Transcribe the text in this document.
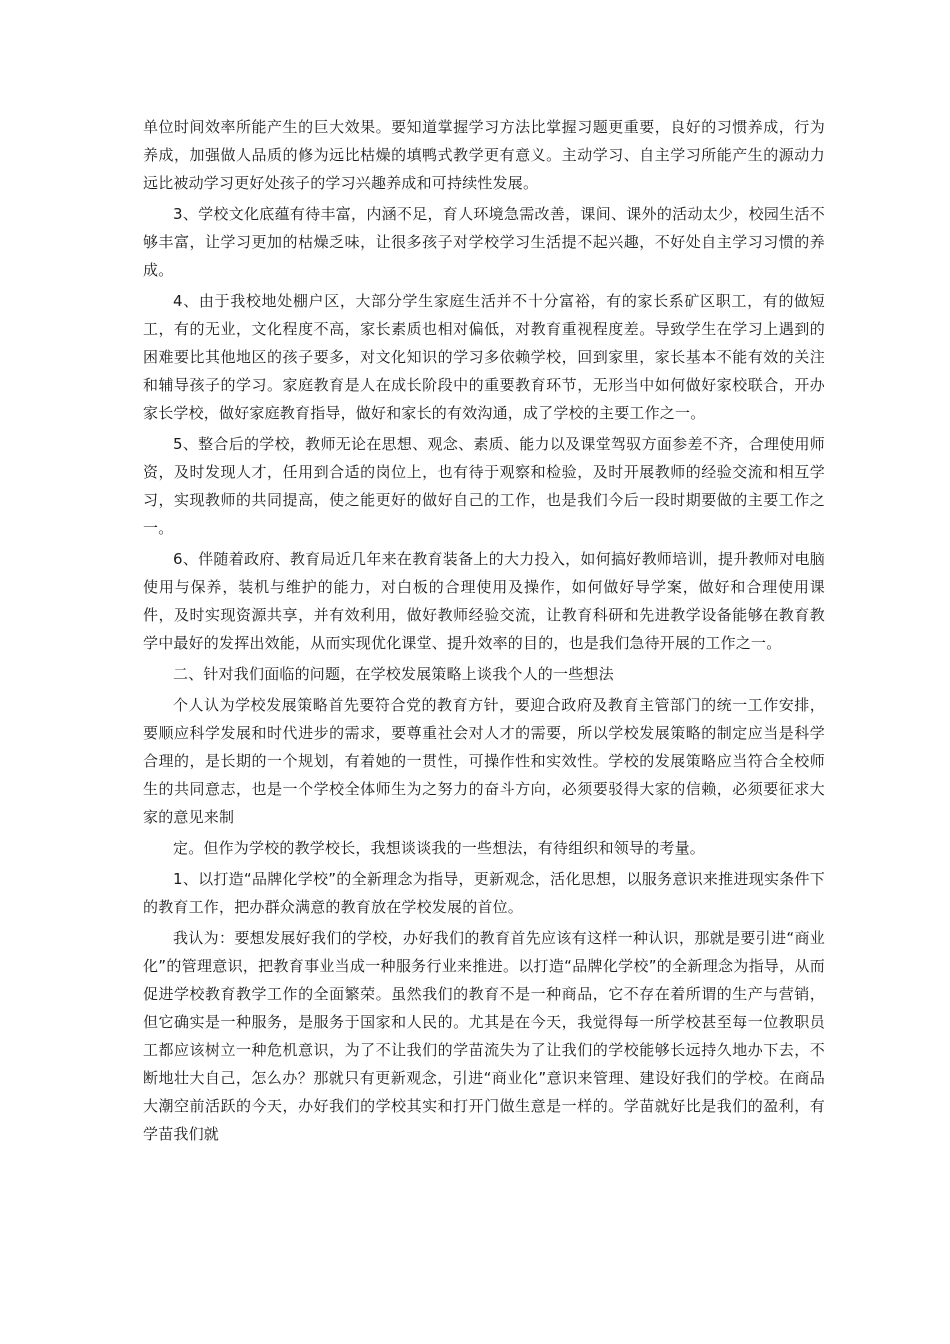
单位时间效率所能产生的巨大效果。要知道掌握学习方法比掌握习题更重要，良好的习惯养成，行为养成，加强做人品质的修为远比枯燥的填鸭式教学更有意义。主动学习、自主学习所能产生的源动力远比被动学习更好处孩子的学习兴趣养成和可持续性发展。

3、学校文化底蕴有待丰富，内涵不足，育人环境急需改善，课间、课外的活动太少，校园生活不够丰富，让学习更加的枯燥乏味，让很多孩子对学校学习生活提不起兴趣，不好处自主学习习惯的养成。

4、由于我校地处棚户区，大部分学生家庭生活并不十分富裕，有的家长系矿区职工，有的做短工，有的无业，文化程度不高，家长素质也相对偏低，对教育重视程度差。导致学生在学习上遇到的困难要比其他地区的孩子要多，对文化知识的学习多依赖学校，回到家里，家长基本不能有效的关注和辅导孩子的学习。家庭教育是人在成长阶段中的重要教育环节，无形当中如何做好家校联合，开办家长学校，做好家庭教育指导，做好和家长的有效沟通，成了学校的主要工作之一。

5、整合后的学校，教师无论在思想、观念、素质、能力以及课堂驾驭方面参差不齐，合理使用师资，及时发现人才，任用到合适的岗位上，也有待于观察和检验，及时开展教师的经验交流和相互学习，实现教师的共同提高，使之能更好的做好自己的工作，也是我们今后一段时期要做的主要工作之一。

6、伴随着政府、教育局近几年来在教育装备上的大力投入，如何搞好教师培训，提升教师对电脑使用与保养，装机与维护的能力，对白板的合理使用及操作，如何做好导学案，做好和合理使用课件，及时实现资源共享，并有效利用，做好教师经验交流，让教育科研和先进教学设备能够在教育教学中最好的发挥出效能，从而实现优化课堂、提升效率的目的，也是我们急待开展的工作之一。

二、针对我们面临的问题，在学校发展策略上谈我个人的一些想法

个人认为学校发展策略首先要符合党的教育方针，要迎合政府及教育主管部门的统一工作安排，要顺应科学发展和时代进步的需求，要尊重社会对人才的需要，所以学校发展策略的制定应当是科学合理的，是长期的一个规划，有着她的一贯性，可操作性和实效性。学校的发展策略应当符合全校师生的共同意志，也是一个学校全体师生为之努力的奋斗方向，必须要驳得大家的信赖，必须要征求大家的意见来制

定。但作为学校的教学校长，我想谈谈我的一些想法，有待组织和领导的考量。

1、以打造“品牌化学校”的全新理念为指导，更新观念，活化思想，以服务意识来推进现实条件下的教育工作，把办群众满意的教育放在学校发展的首位。

我认为：要想发展好我们的学校，办好我们的教育首先应该有这样一种认识，那就是要引进“商业化”的管理意识，把教育事业当成一种服务行业来推进。以打造“品牌化学校”的全新理念为指导，从而促进学校教育教学工作的全面繁荣。虽然我们的教育不是一种商品，它不存在着所谓的生产与营销，但它确实是一种服务，是服务于国家和人民的。尤其是在今天，我觉得每一所学校甚至每一位教职员工都应该树立一种危机意识，为了不让我们的学苗流失为了让我们的学校能够长远持久地办下去，不断地壮大自己，怎么办？那就只有更新观念，引进“商业化”意识来管理、建设好我们的学校。在商品大潮空前活跃的今天，办好我们的学校其实和打开门做生意是一样的。学苗就好比是我们的盈利，有学苗我们就
